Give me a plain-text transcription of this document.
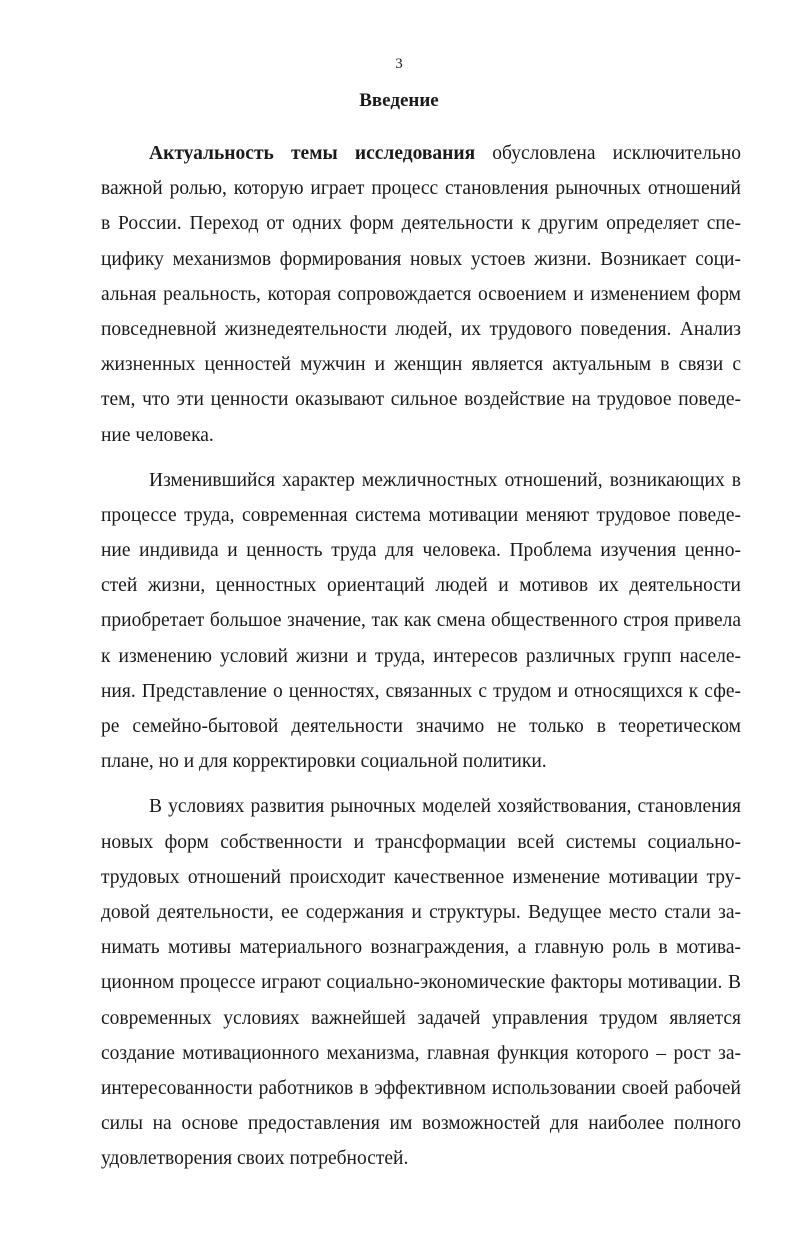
3
Введение
Актуальность темы исследования обусловлена исключительно
важной ролью, которую играет процесс становления рыночных отношений
в России. Переход от одних форм деятельности к другим определяет спе-
цифику механизмов формирования новых устоев жизни. Возникает соци-
альная реальность, которая сопровождается освоением и изменением форм
повседневной жизнедеятельности людей, их трудового поведения. Анализ
жизненных ценностей мужчин и женщин является актуальным в связи с
тем, что эти ценности оказывают сильное воздействие на трудовое поведе-
ние человека.
Изменившийся характер межличностных отношений, возникающих в
процессе труда, современная система мотивации меняют трудовое поведе-
ние индивида и ценность труда для человека. Проблема изучения ценно-
стей жизни, ценностных ориентаций людей и мотивов их деятельности
приобретает большое значение, так как смена общественного строя привела
к изменению условий жизни и труда, интересов различных групп населе-
ния. Представление о ценностях, связанных с трудом и относящихся к сфе-
ре семейно-бытовой деятельности значимо не только в теоретическом
плане, но и для корректировки социальной политики.
В условиях развития рыночных моделей хозяйствования, становления
новых форм собственности и трансформации всей системы социально-
трудовых отношений происходит качественное изменение мотивации тру-
довой деятельности, ее содержания и структуры. Ведущее место стали за-
нимать мотивы материального вознаграждения, а главную роль в мотива-
ционном процессе играют социально-экономические факторы мотивации. В
современных условиях важнейшей задачей управления трудом является
создание мотивационного механизма, главная функция которого – рост за-
интересованности работников в эффективном использовании своей рабочей
силы на основе предоставления им возможностей для наиболее полного
удовлетворения своих потребностей.
